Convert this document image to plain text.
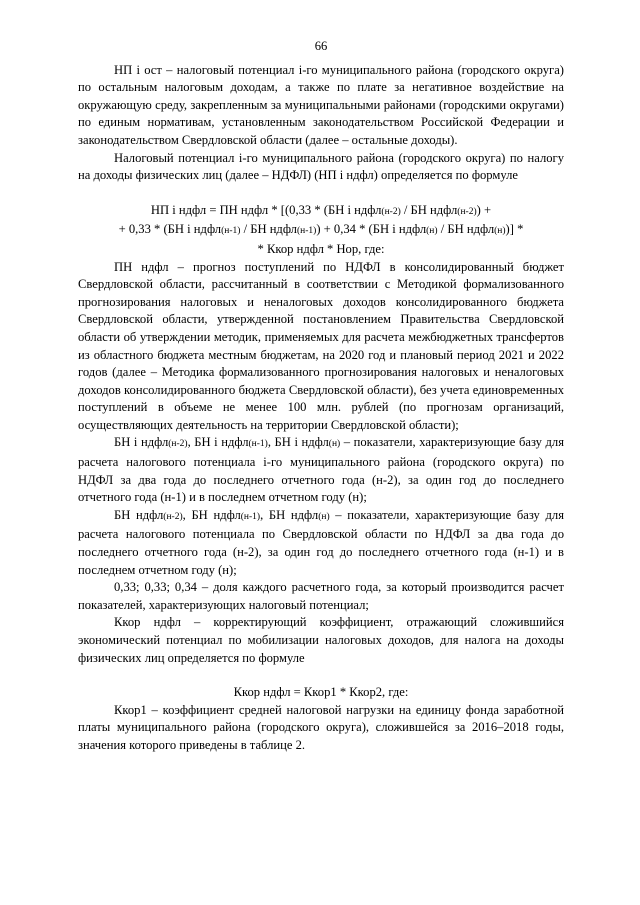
66

НП i ост – налоговый потенциал i-го муниципального района (городского округа) по остальным налоговым доходам, а также по плате за негативное воздействие на окружающую среду, закрепленным за муниципальными районами (городскими округами) по единым нормативам, установленным законодательством Российской Федерации и законодательством Свердловской области (далее – остальные доходы).

Налоговый потенциал i-го муниципального района (городского округа) по налогу на доходы физических лиц (далее – НДФЛ) (НП i ндфл) определяется по формуле

НП i ндфл = ПН ндфл * [(0,33 * (БН i ндфл(н-2) / БН ндфл(н-2)) +

+ 0,33 * (БН i ндфл(н-1) / БН ндфл(н-1)) + 0,34 * (БН i ндфл(н) / БН ндфл(н))] *

* Ккор ндфл * Нор, где:

ПН ндфл – прогноз поступлений по НДФЛ в консолидированный бюджет Свердловской области, рассчитанный в соответствии с Методикой формализованного прогнозирования налоговых и неналоговых доходов консолидированного бюджета Свердловской области, утвержденной постановлением Правительства Свердловской области об утверждении методик, применяемых для расчета межбюджетных трансфертов из областного бюджета местным бюджетам, на 2020 год и плановый период 2021 и 2022 годов (далее – Методика формализованного прогнозирования налоговых и неналоговых доходов консолидированного бюджета Свердловской области), без учета единовременных поступлений в объеме не менее 100 млн. рублей (по прогнозам организаций, осуществляющих деятельность на территории Свердловской области);

БН i ндфл(н-2), БН i ндфл(н-1), БН i ндфл(н) – показатели, характеризующие базу для расчета налогового потенциала i-го муниципального района (городского округа) по НДФЛ за два года до последнего отчетного года (н-2), за один год до последнего отчетного года (н-1) и в последнем отчетном году (н);

БН ндфл(н-2), БН ндфл(н-1), БН ндфл(н) – показатели, характеризующие базу для расчета налогового потенциала по Свердловской области по НДФЛ за два года до последнего отчетного года (н-2), за один год до последнего отчетного года (н-1) и в последнем отчетном году (н);

0,33; 0,33; 0,34 – доля каждого расчетного года, за который производится расчет показателей, характеризующих налоговый потенциал;

Ккор ндфл – корректирующий коэффициент, отражающий сложившийся экономический потенциал по мобилизации налоговых доходов, для налога на доходы физических лиц определяется по формуле

Ккор ндфл = Ккор1 * Ккор2, где:

Ккор1 – коэффициент средней налоговой нагрузки на единицу фонда заработной платы муниципального района (городского округа), сложившейся за 2016–2018 годы, значения которого приведены в таблице 2.
